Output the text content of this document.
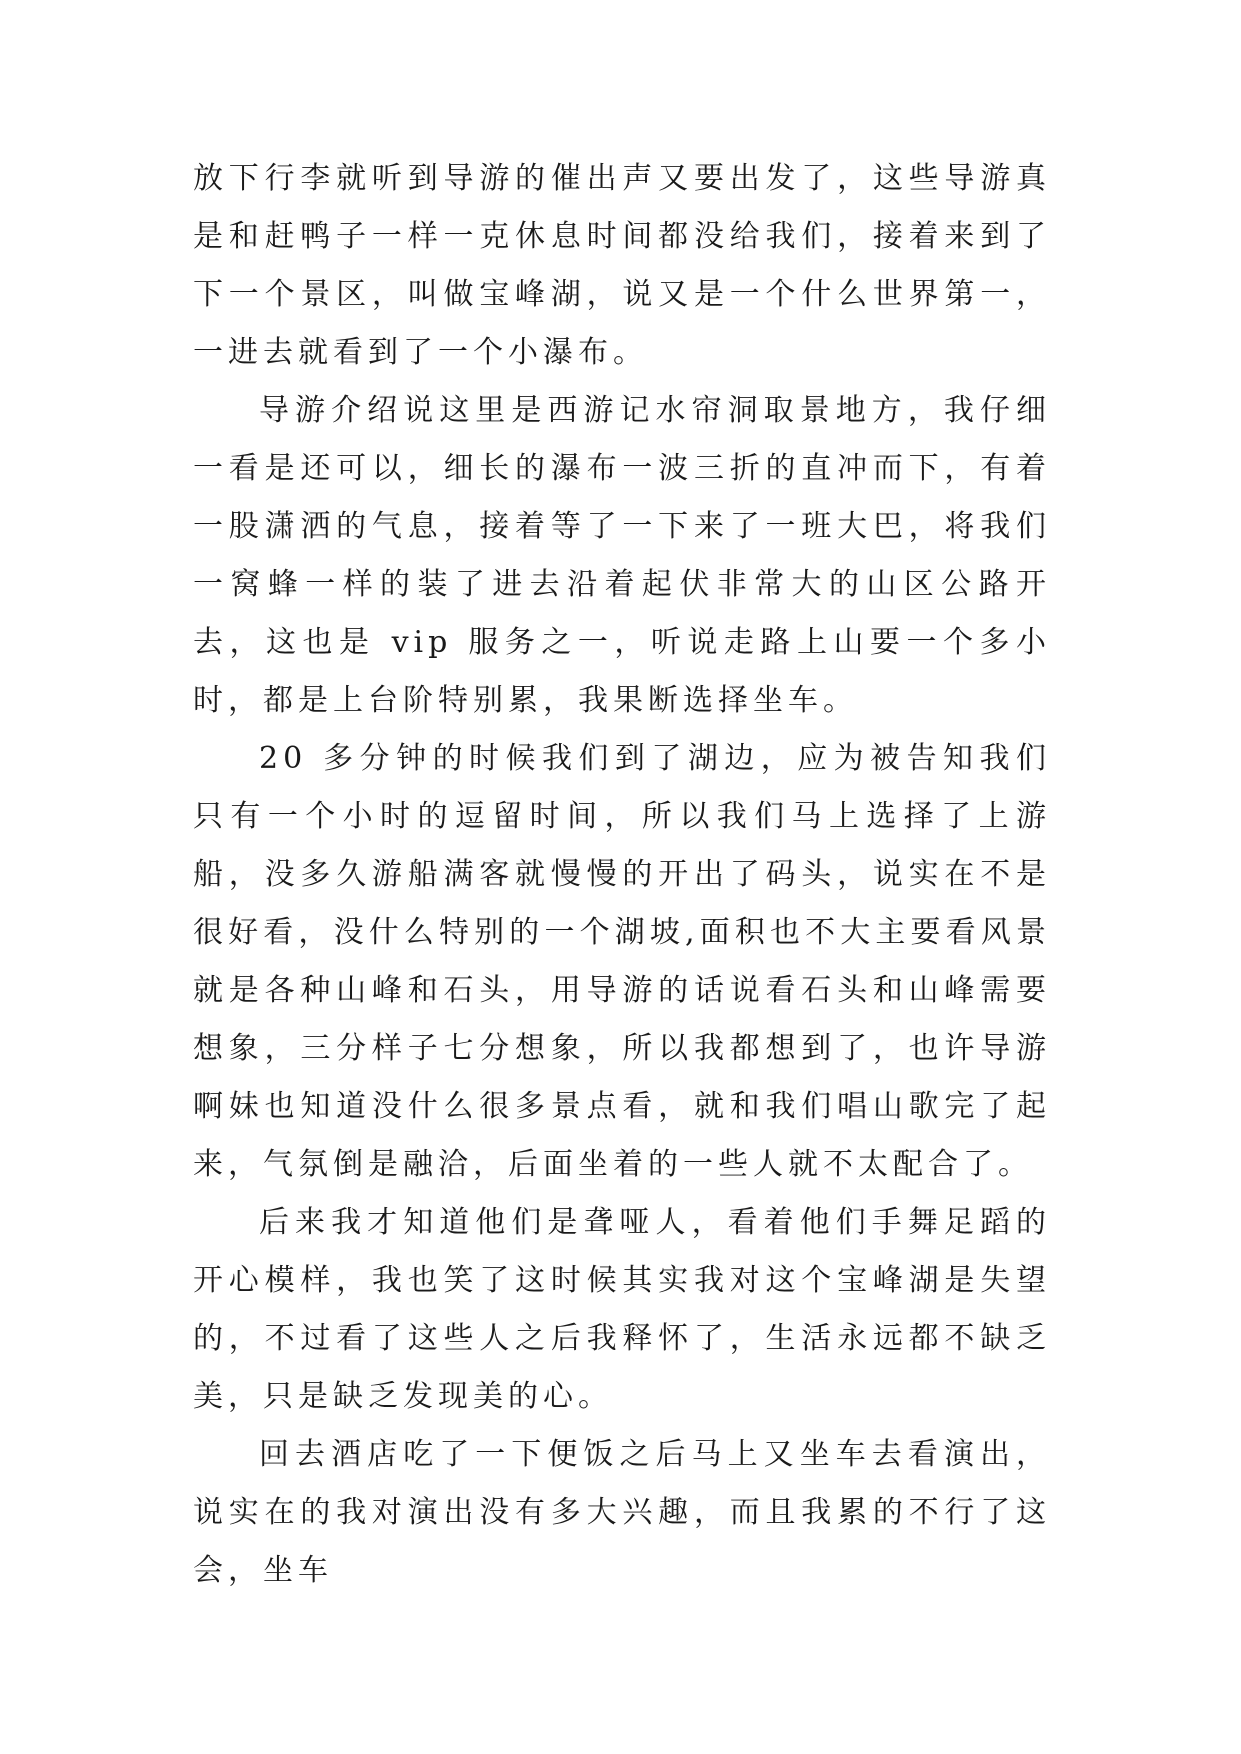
放下行李就听到导游的催出声又要出发了，这些导游真是和赶鸭子一样一克休息时间都没给我们，接着来到了下一个景区，叫做宝峰湖，说又是一个什么世界第一，一进去就看到了一个小瀑布。

导游介绍说这里是西游记水帘洞取景地方，我仔细一看是还可以，细长的瀑布一波三折的直冲而下，有着一股潇洒的气息，接着等了一下来了一班大巴，将我们一窝蜂一样的装了进去沿着起伏非常大的山区公路开去，这也是 vip 服务之一，听说走路上山要一个多小时，都是上台阶特别累，我果断选择坐车。

20 多分钟的时候我们到了湖边，应为被告知我们只有一个小时的逗留时间，所以我们马上选择了上游船，没多久游船满客就慢慢的开出了码头，说实在不是很好看，没什么特别的一个湖坡,面积也不大主要看风景就是各种山峰和石头，用导游的话说看石头和山峰需要想象，三分样子七分想象，所以我都想到了，也许导游啊妹也知道没什么很多景点看，就和我们唱山歌完了起来，气氛倒是融洽，后面坐着的一些人就不太配合了。

后来我才知道他们是聋哑人，看着他们手舞足蹈的开心模样，我也笑了这时候其实我对这个宝峰湖是失望的，不过看了这些人之后我释怀了，生活永远都不缺乏美，只是缺乏发现美的心。

回去酒店吃了一下便饭之后马上又坐车去看演出，说实在的我对演出没有多大兴趣，而且我累的不行了这会，坐车
